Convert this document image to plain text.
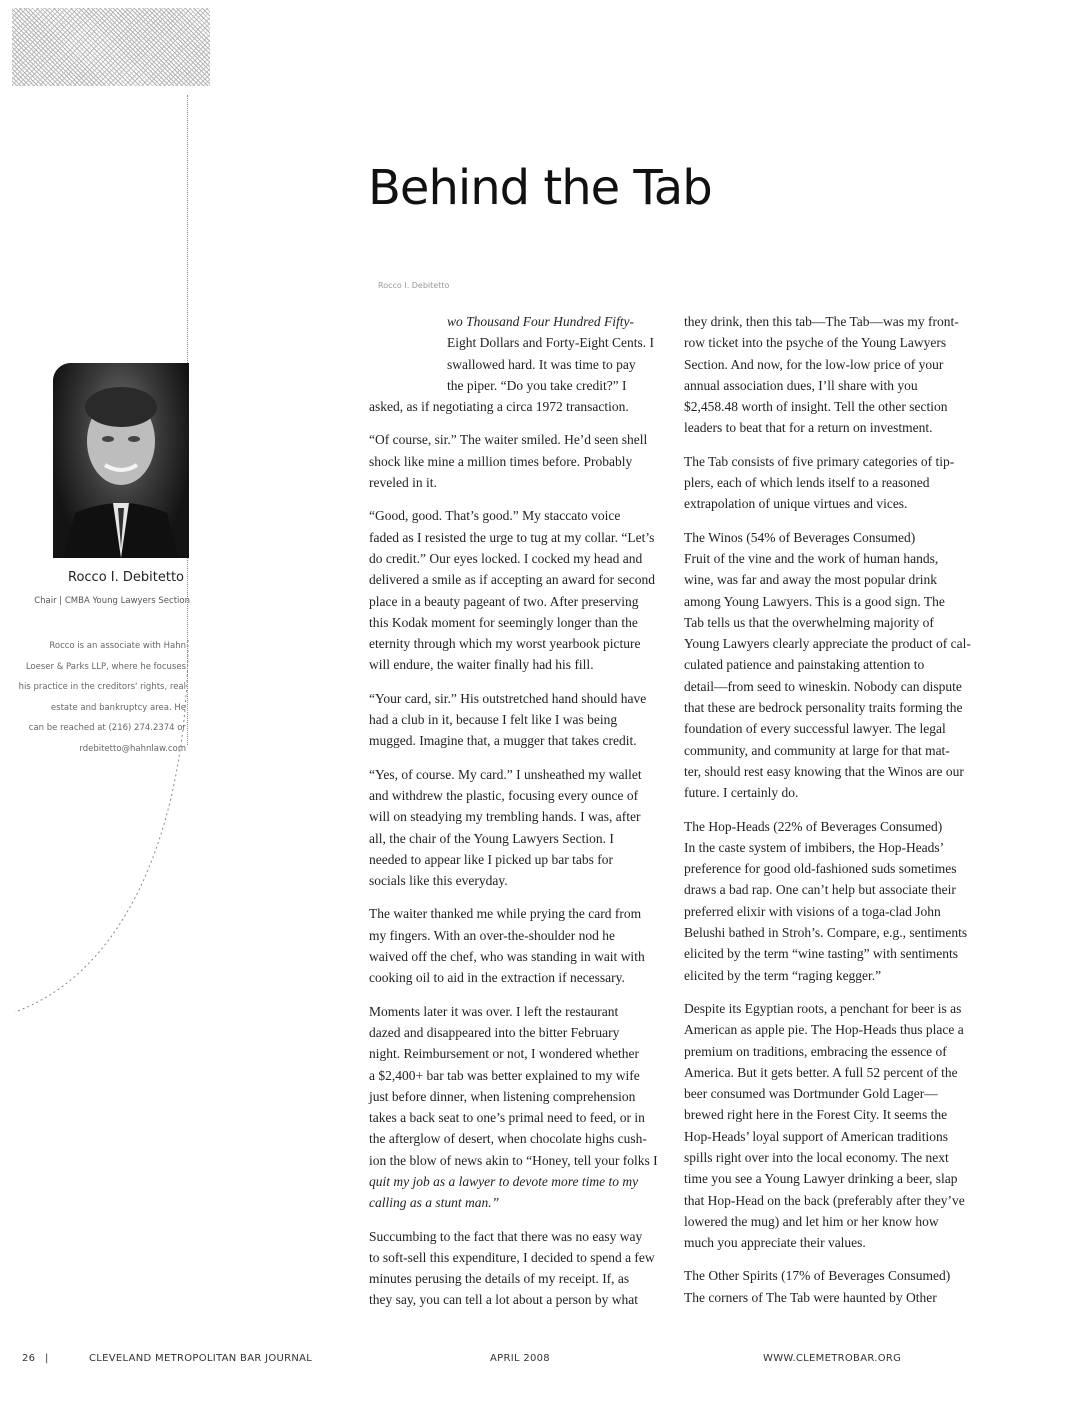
Behind the Tab
Rocco I. Debitetto
Rocco I. Debitetto
Chair | CMBA Young Lawyers Section
Rocco is an associate with Hahn
Loeser & Parks LLP, where he focuses
his practice in the creditors' rights, real
estate and bankruptcy area. He
can be reached at (216) 274.2374 or
rdebitetto@hahnlaw.com
wo Thousand Four Hundred Fifty-
Eight Dollars and Forty-Eight Cents. I
swallowed hard. It was time to pay
the piper. “Do you take credit?” I
asked, as if negotiating a circa 1972 transaction.
“Of course, sir.” The waiter smiled. He’d seen shell
shock like mine a million times before. Probably
reveled in it.
“Good, good. That’s good.” My staccato voice
faded as I resisted the urge to tug at my collar. “Let’s
do credit.” Our eyes locked. I cocked my head and
delivered a smile as if accepting an award for second
place in a beauty pageant of two. After preserving
this Kodak moment for seemingly longer than the
eternity through which my worst yearbook picture
will endure, the waiter finally had his fill.
“Your card, sir.” His outstretched hand should have
had a club in it, because I felt like I was being
mugged. Imagine that, a mugger that takes credit.
“Yes, of course. My card.” I unsheathed my wallet
and withdrew the plastic, focusing every ounce of
will on steadying my trembling hands. I was, after
all, the chair of the Young Lawyers Section. I
needed to appear like I picked up bar tabs for
socials like this everyday.
The waiter thanked me while prying the card from
my fingers. With an over-the-shoulder nod he
waived off the chef, who was standing in wait with
cooking oil to aid in the extraction if necessary.
Moments later it was over. I left the restaurant
dazed and disappeared into the bitter February
night. Reimbursement or not, I wondered whether
a $2,400+ bar tab was better explained to my wife
just before dinner, when listening comprehension
takes a back seat to one’s primal need to feed, or in
the afterglow of desert, when chocolate highs cush-
ion the blow of news akin to “Honey, tell your folks I
quit my job as a lawyer to devote more time to my
calling as a stunt man.”
Succumbing to the fact that there was no easy way
to soft-sell this expenditure, I decided to spend a few
minutes perusing the details of my receipt. If, as
they say, you can tell a lot about a person by what
they drink, then this tab—The Tab—was my front-
row ticket into the psyche of the Young Lawyers
Section. And now, for the low-low price of your
annual association dues, I’ll share with you
$2,458.48 worth of insight. Tell the other section
leaders to beat that for a return on investment.
The Tab consists of five primary categories of tip-
plers, each of which lends itself to a reasoned
extrapolation of unique virtues and vices.
The Winos (54% of Beverages Consumed)
Fruit of the vine and the work of human hands,
wine, was far and away the most popular drink
among Young Lawyers. This is a good sign. The
Tab tells us that the overwhelming majority of
Young Lawyers clearly appreciate the product of cal-
culated patience and painstaking attention to
detail—from seed to wineskin. Nobody can dispute
that these are bedrock personality traits forming the
foundation of every successful lawyer. The legal
community, and community at large for that mat-
ter, should rest easy knowing that the Winos are our
future. I certainly do.
The Hop-Heads (22% of Beverages Consumed)
In the caste system of imbibers, the Hop-Heads’
preference for good old-fashioned suds sometimes
draws a bad rap. One can’t help but associate their
preferred elixir with visions of a toga-clad John
Belushi bathed in Stroh’s. Compare, e.g., sentiments
elicited by the term “wine tasting” with sentiments
elicited by the term “raging kegger.”
Despite its Egyptian roots, a penchant for beer is as
American as apple pie. The Hop-Heads thus place a
premium on traditions, embracing the essence of
America. But it gets better. A full 52 percent of the
beer consumed was Dortmunder Gold Lager—
brewed right here in the Forest City. It seems the
Hop-Heads’ loyal support of American traditions
spills right over into the local economy. The next
time you see a Young Lawyer drinking a beer, slap
that Hop-Head on the back (preferably after they’ve
lowered the mug) and let him or her know how
much you appreciate their values.
The Other Spirits (17% of Beverages Consumed)
The corners of The Tab were haunted by Other
26 |	CLEVELAND METROPOLITAN BAR JOURNAL	APRIL 2008	WWW.CLEMETROBAR.ORG
